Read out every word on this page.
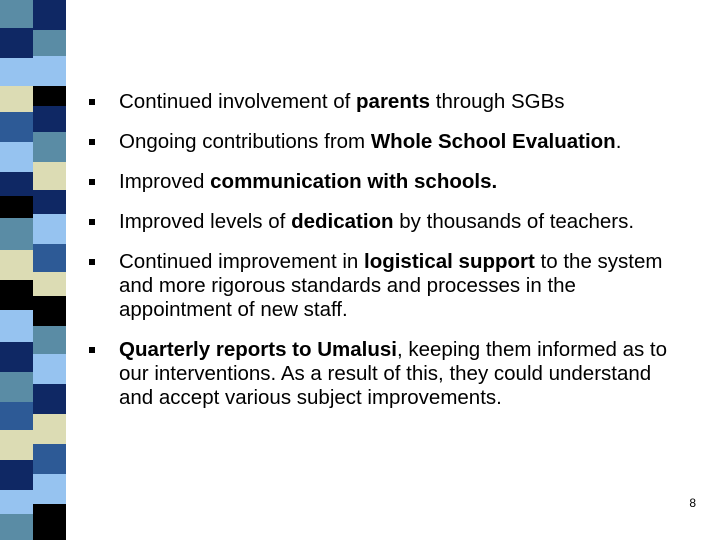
Continued involvement of parents through SGBs
Ongoing contributions from Whole School Evaluation.
Improved communication with schools.
Improved levels of dedication by thousands of teachers.
Continued improvement in logistical support to the system and more rigorous standards and processes in the appointment of new staff.
Quarterly reports to Umalusi, keeping them informed as to our interventions. As a result of this, they could understand and accept various subject improvements.
8
